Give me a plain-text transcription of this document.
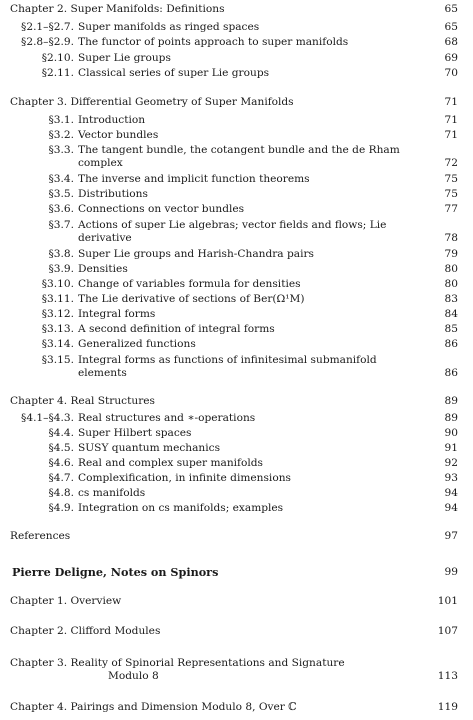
Chapter 2. Super Manifolds: Definitions	65
§2.1–§2.7. Super manifolds as ringed spaces	65
§2.8–§2.9. The functor of points approach to super manifolds	68
§2.10. Super Lie groups	69
§2.11. Classical series of super Lie groups	70
Chapter 3. Differential Geometry of Super Manifolds	71
§3.1. Introduction	71
§3.2. Vector bundles	71
§3.3. The tangent bundle, the cotangent bundle and the de Rham
complex	72
§3.4. The inverse and implicit function theorems	75
§3.5. Distributions	75
§3.6. Connections on vector bundles	77
§3.7. Actions of super Lie algebras; vector fields and flows; Lie
derivative	78
§3.8. Super Lie groups and Harish-Chandra pairs	79
§3.9. Densities	80
§3.10. Change of variables formula for densities	80
§3.11. The Lie derivative of sections of Ber(Ω¹M)	83
§3.12. Integral forms	84
§3.13. A second definition of integral forms	85
§3.14. Generalized functions	86
§3.15. Integral forms as functions of infinitesimal submanifold
elements	86
Chapter 4. Real Structures	89
§4.1–§4.3. Real structures and ∗-operations	89
§4.4. Super Hilbert spaces	90
§4.5. SUSY quantum mechanics	91
§4.6. Real and complex super manifolds	92
§4.7. Complexification, in infinite dimensions	93
§4.8. cs manifolds	94
§4.9. Integration on cs manifolds; examples	94
References	97
Pierre Deligne, Notes on Spinors	99
Chapter 1. Overview	101
Chapter 2. Clifford Modules	107
Chapter 3. Reality of Spinorial Representations and Signature
Modulo 8	113
Chapter 4. Pairings and Dimension Modulo 8, Over ℂ	119
